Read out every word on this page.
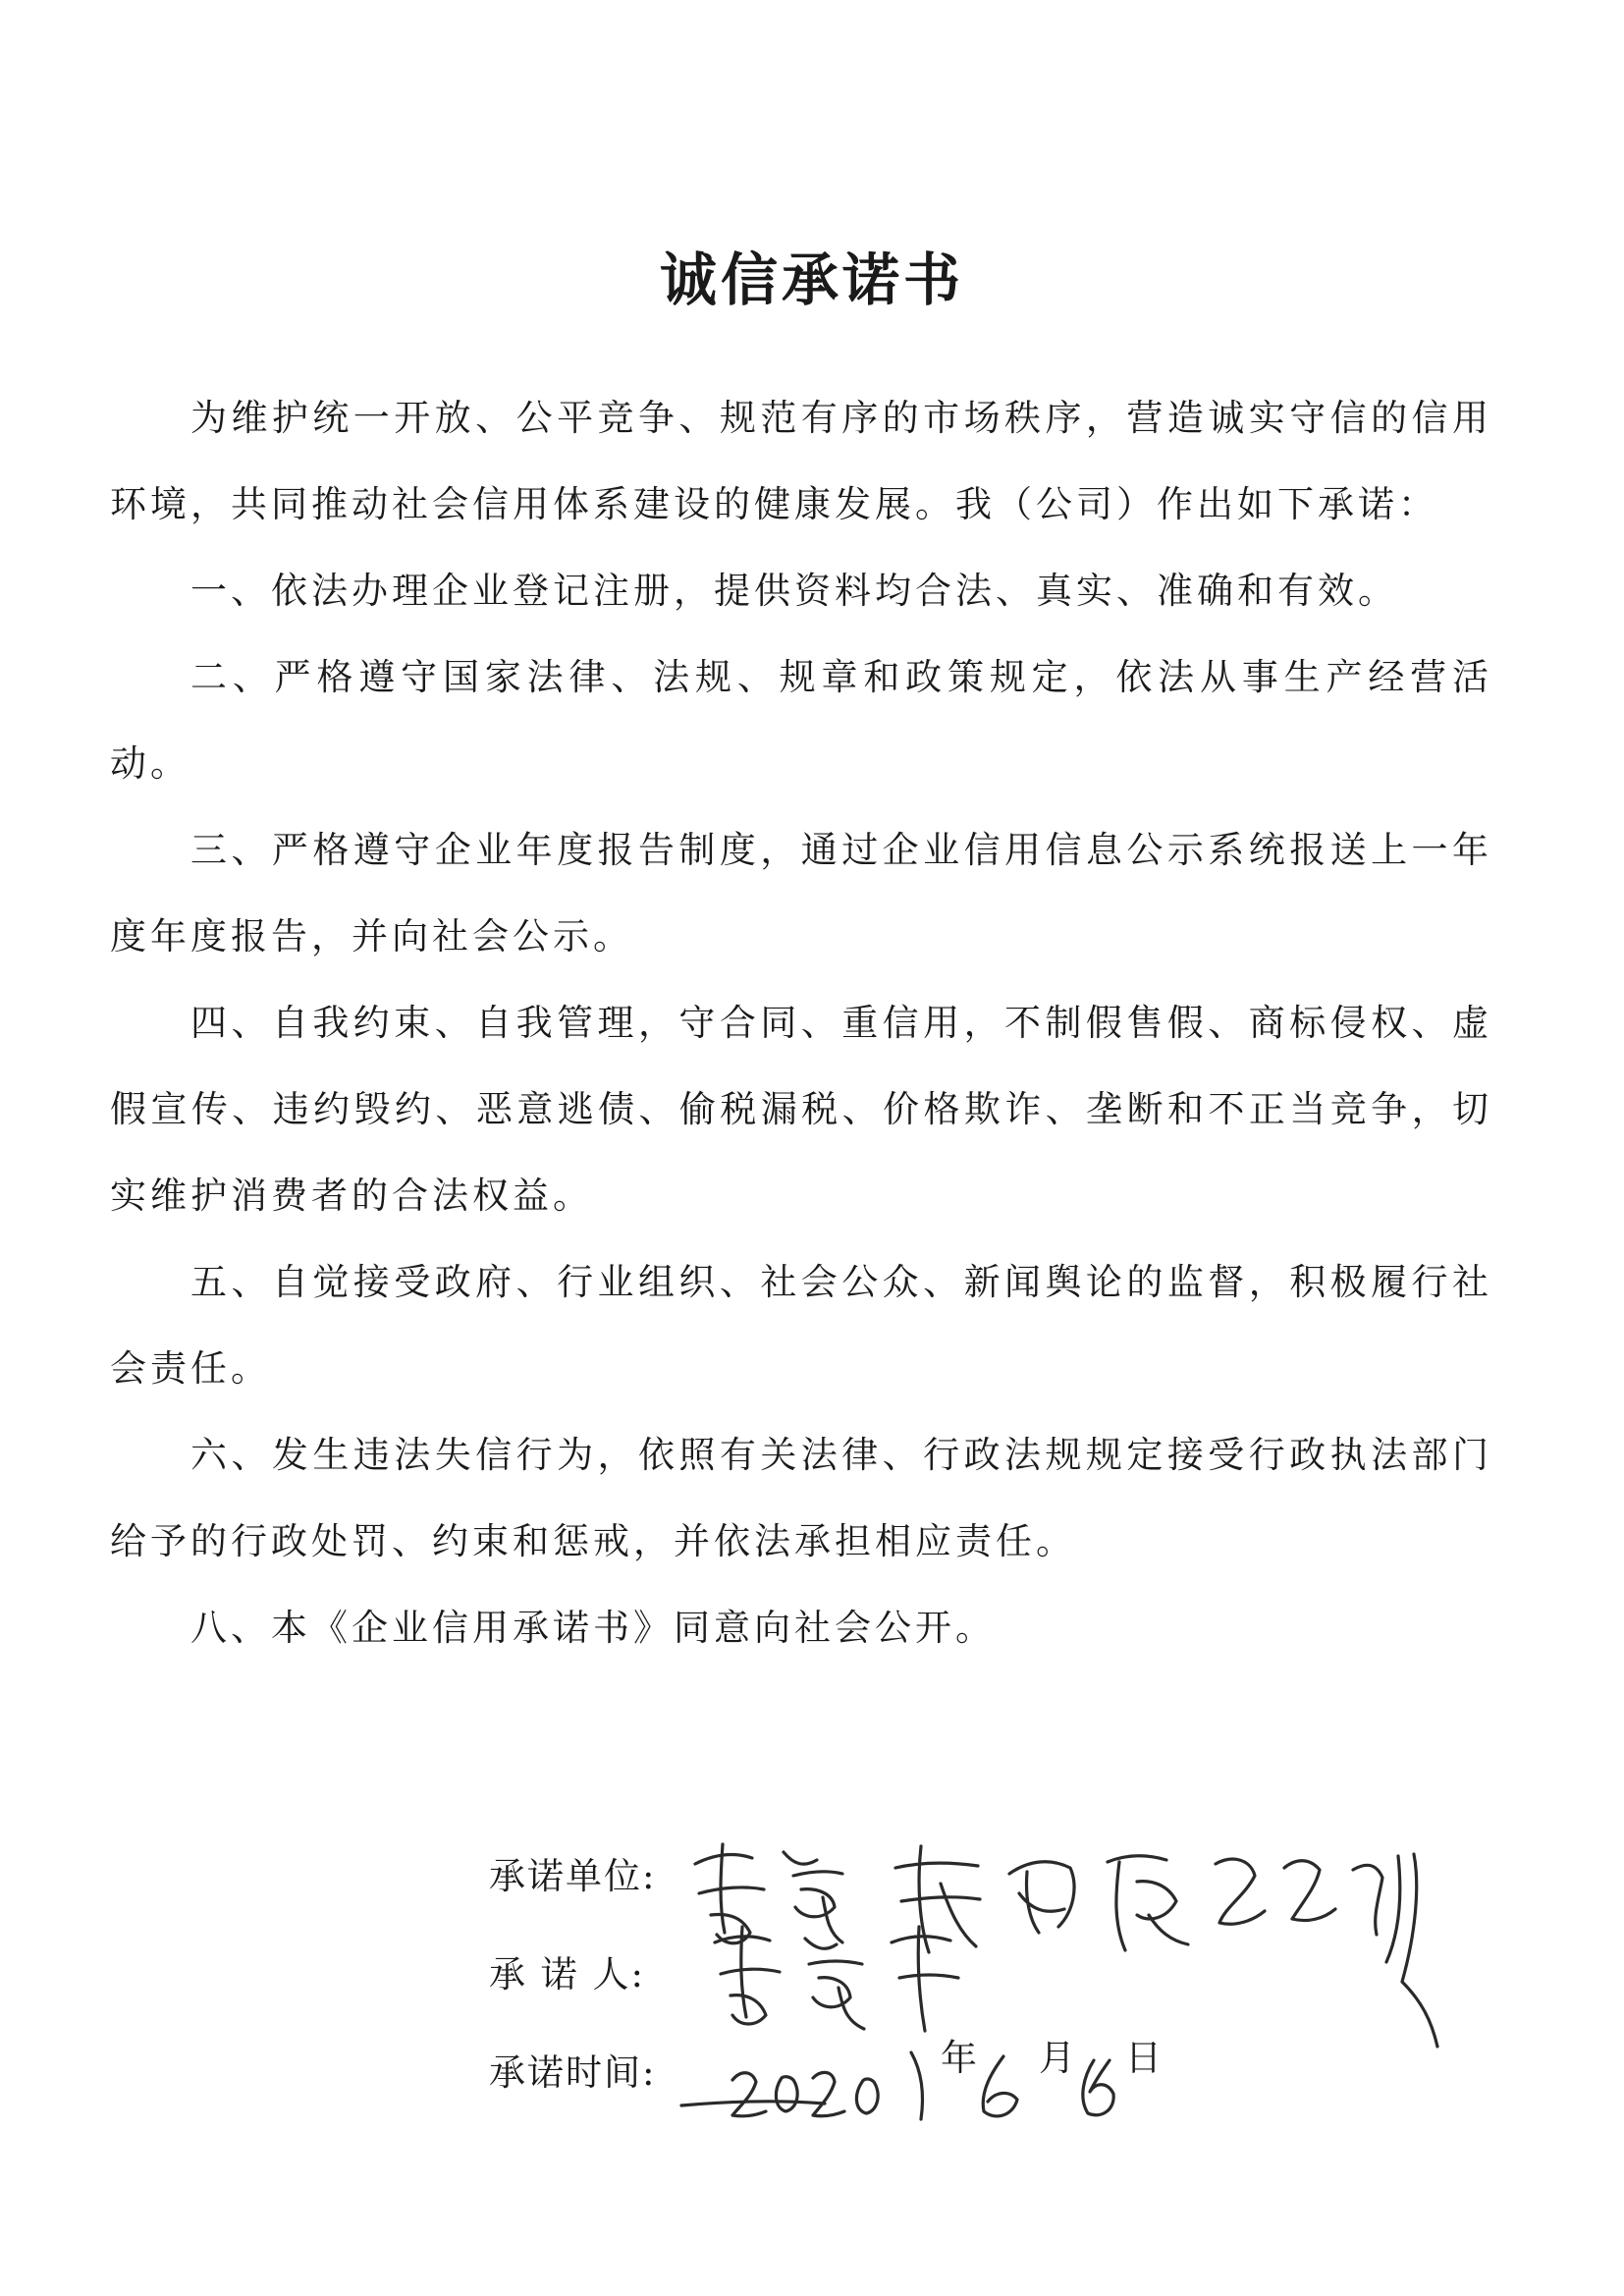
诚信承诺书

为维护统一开放、公平竞争、规范有序的市场秩序，营造诚实守信的信用环境，共同推动社会信用体系建设的健康发展。我（公司）作出如下承诺：

一、依法办理企业登记注册，提供资料均合法、真实、准确和有效。

二、严格遵守国家法律、法规、规章和政策规定，依法从事生产经营活动。

三、严格遵守企业年度报告制度，通过企业信用信息公示系统报送上一年度年度报告，并向社会公示。

四、自我约束、自我管理，守合同、重信用，不制假售假、商标侵权、虚假宣传、违约毁约、恶意逃债、偷税漏税、价格欺诈、垄断和不正当竞争，切实维护消费者的合法权益。

五、自觉接受政府、行业组织、社会公众、新闻舆论的监督，积极履行社会责任。

六、发生违法失信行为，依照有关法律、行政法规规定接受行政执法部门给予的行政处罚、约束和惩戒，并依法承担相应责任。

八、本《企业信用承诺书》同意向社会公开。

承诺单位:
承 诺 人:
承诺时间:	月
年	日
